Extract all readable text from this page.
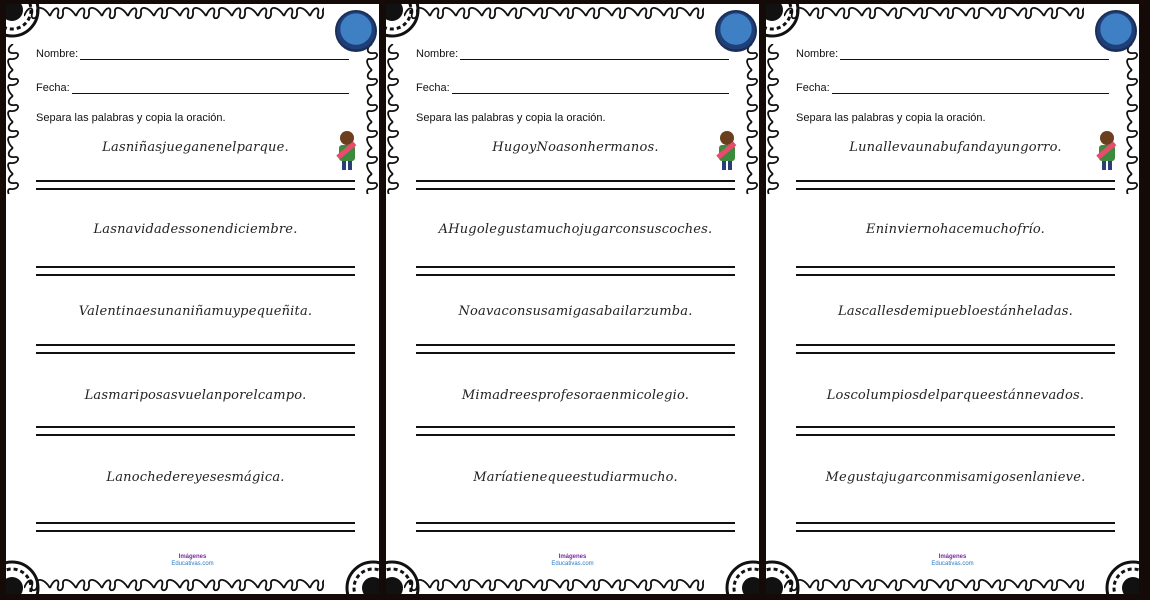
Nombre:
Fecha:
Separa las palabras y copia la oración.
Lasniñasjueganenelparque.
Lasnavidadessonendiciembre.
Valentinaesunaniñamuypequeñita.
Lasmariposasvuelanporelcampo.
Lanochedereyesesmágica.
Imágenes
Educativas.com
Nombre:
Fecha:
Separa las palabras y copia la oración.
HugoyNoasonhermanos.
AHugolegustamuchojugarconsuscoches.
Noavaconsusamigasabailarzumba.
Mimadreesprofesoraenmicolegio.
Maríatienequeestudiarmucho.
Imágenes
Educativas.com
Nombre:
Fecha:
Separa las palabras y copia la oración.
Lunallevaunabufandayungorro.
Eninviernohacemuchofrío.
Lascallesdemipuebloestánheladas.
Loscolumpiosdelparqueestánnevados.
Megustajugarconmisamigosenlanieve.
Imágenes
Educativas.com
